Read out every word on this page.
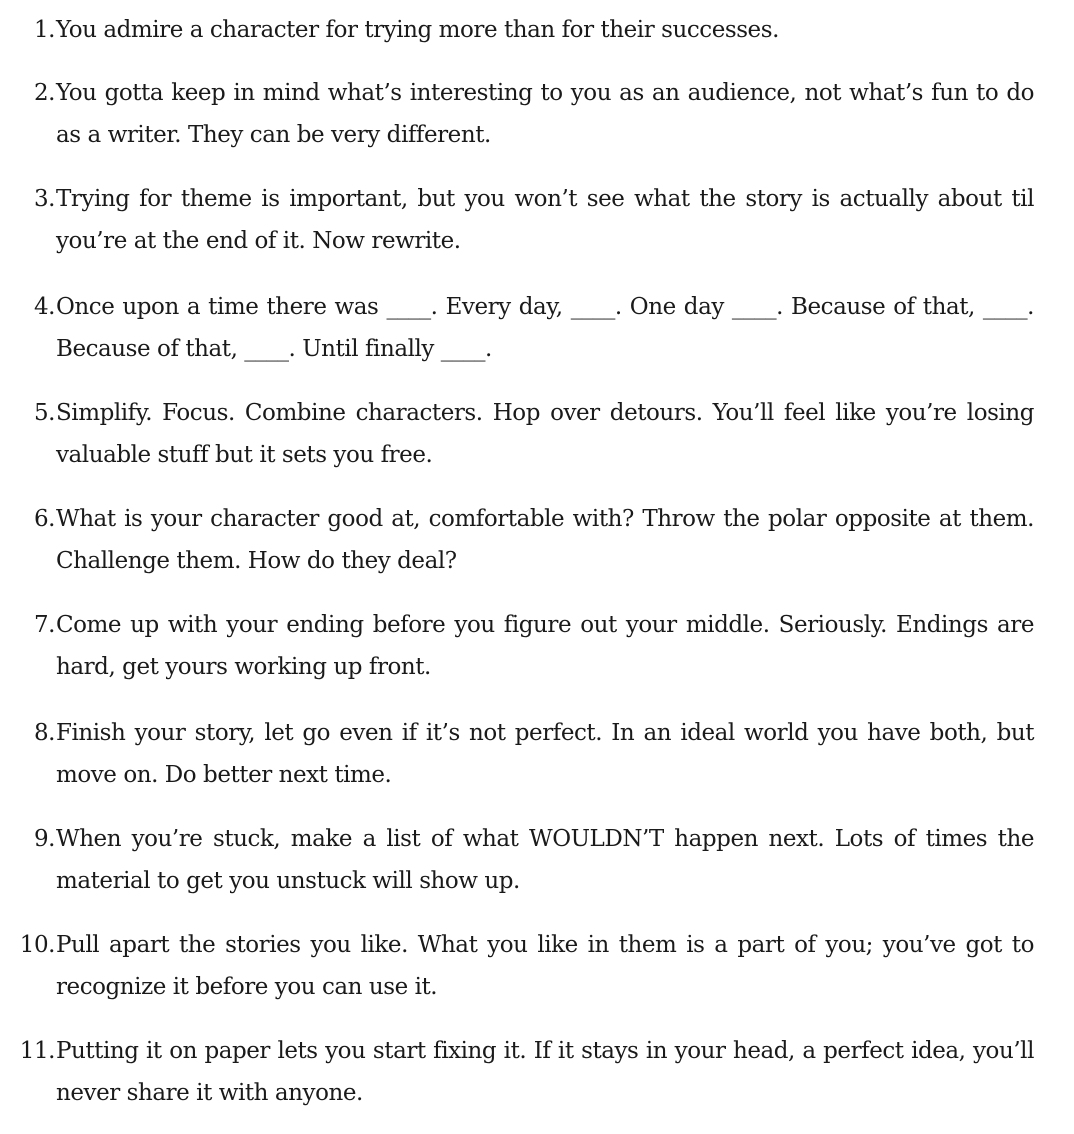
1. You admire a character for trying more than for their successes.
2. You gotta keep in mind what’s interesting to you as an audience, not what’s fun to do as a writer. They can be very different.
3. Trying for theme is important, but you won’t see what the story is actually about til you’re at the end of it. Now rewrite.
4. Once upon a time there was ____. Every day, ____. One day ____. Because of that, ____. Because of that, ____. Until finally ____.
5. Simplify. Focus. Combine characters. Hop over detours. You’ll feel like you’re losing valuable stuff but it sets you free.
6. What is your character good at, comfortable with? Throw the polar opposite at them. Challenge them. How do they deal?
7. Come up with your ending before you figure out your middle. Seriously. Endings are hard, get yours working up front.
8. Finish your story, let go even if it’s not perfect. In an ideal world you have both, but move on. Do better next time.
9. When you’re stuck, make a list of what WOULDN’T happen next. Lots of times the material to get you unstuck will show up.
10. Pull apart the stories you like. What you like in them is a part of you; you’ve got to recognize it before you can use it.
11. Putting it on paper lets you start fixing it. If it stays in your head, a perfect idea, you’ll never share it with anyone.
